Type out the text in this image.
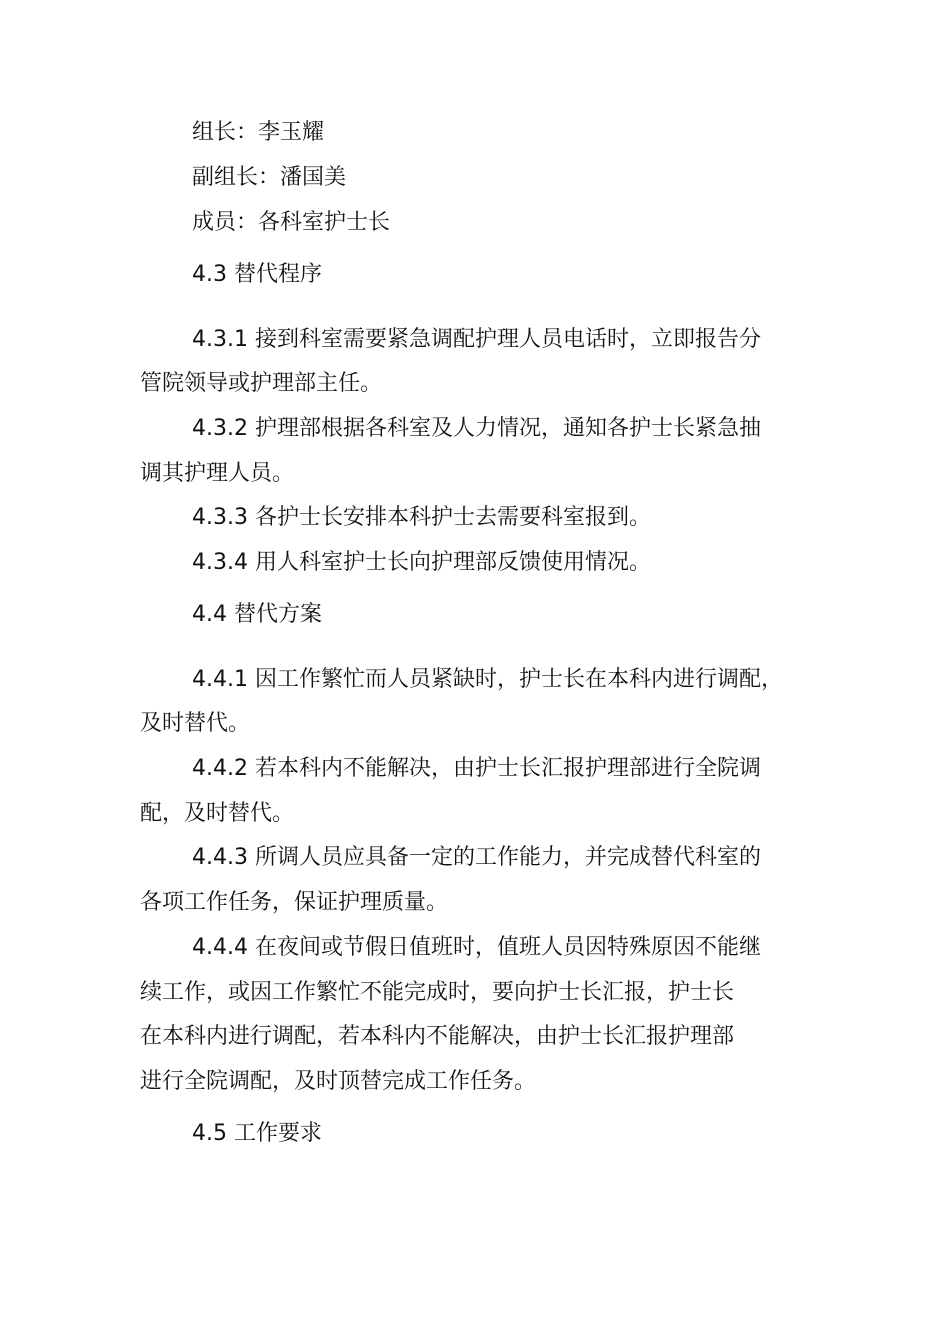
组长：李玉耀
副组长：潘国美
成员：各科室护士长
4.3 替代程序
4.3.1 接到科室需要紧急调配护理人员电话时，立即报告分
管院领导或护理部主任。
4.3.2 护理部根据各科室及人力情况，通知各护士长紧急抽
调其护理人员。
4.3.3 各护士长安排本科护士去需要科室报到。
4.3.4 用人科室护士长向护理部反馈使用情况。
4.4 替代方案
4.4.1 因工作繁忙而人员紧缺时，护士长在本科内进行调配，
及时替代。
4.4.2 若本科内不能解决，由护士长汇报护理部进行全院调
配，及时替代。
4.4.3 所调人员应具备一定的工作能力，并完成替代科室的
各项工作任务，保证护理质量。
4.4.4 在夜间或节假日值班时，值班人员因特殊原因不能继
续工作，或因工作繁忙不能完成时，要向护士长汇报，护士长
在本科内进行调配，若本科内不能解决，由护士长汇报护理部
进行全院调配，及时顶替完成工作任务。
4.5 工作要求
